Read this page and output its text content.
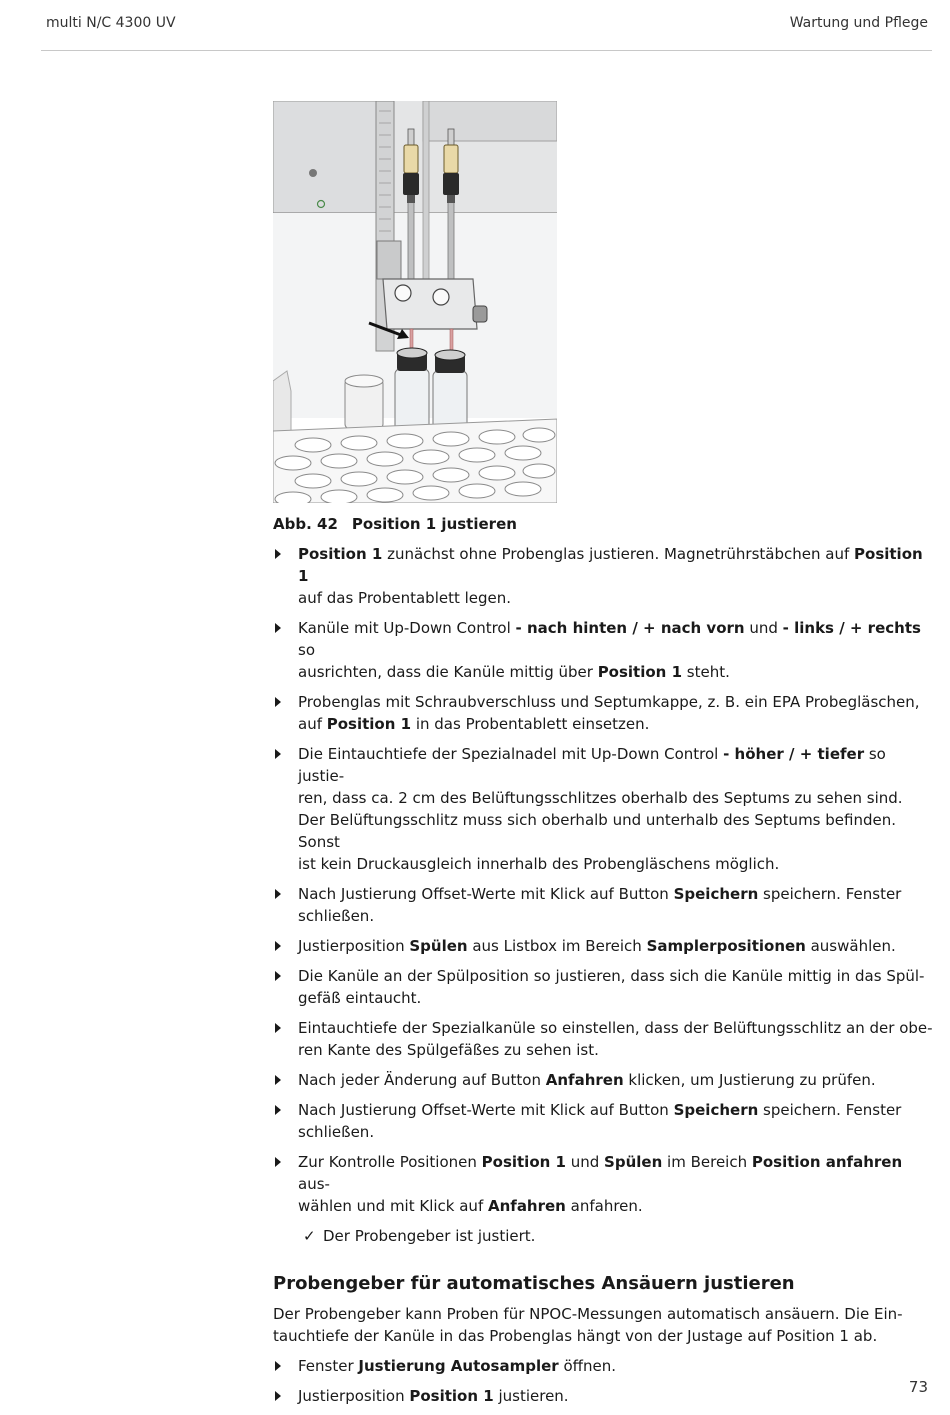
multi N/C 4300 UV	Wartung und Pflege
Abb. 42 Position 1 justieren
Position 1 zunächst ohne Probenglas justieren. Magnetrührstäbchen auf Position 1
auf das Probentablett legen.
Kanüle mit Up-Down Control - nach hinten / + nach vorn und - links / + rechts so
ausrichten, dass die Kanüle mittig über Position 1 steht.
Probenglas mit Schraubverschluss und Septumkappe, z. B. ein EPA Probegläschen,
auf Position 1 in das Probentablett einsetzen.
Die Eintauchtiefe der Spezialnadel mit Up-Down Control - höher / + tiefer so justie-
ren, dass ca. 2 cm des Belüftungsschlitzes oberhalb des Septums zu sehen sind.
Der Belüftungsschlitz muss sich oberhalb und unterhalb des Septums befinden. Sonst
ist kein Druckausgleich innerhalb des Probengläschens möglich.
Nach Justierung Offset-Werte mit Klick auf Button Speichern speichern. Fenster
schließen.
Justierposition Spülen aus Listbox im Bereich Samplerpositionen auswählen.
Die Kanüle an der Spülposition so justieren, dass sich die Kanüle mittig in das Spül-
gefäß eintaucht.
Eintauchtiefe der Spezialkanüle so einstellen, dass der Belüftungsschlitz an der obe-
ren Kante des Spülgefäßes zu sehen ist.
Nach jeder Änderung auf Button Anfahren klicken, um Justierung zu prüfen.
Nach Justierung Offset-Werte mit Klick auf Button Speichern speichern. Fenster
schließen.
Zur Kontrolle Positionen Position 1 und Spülen im Bereich Position anfahren aus-
wählen und mit Klick auf Anfahren anfahren.
✓ Der Probengeber ist justiert.
Probengeber für automatisches Ansäuern justieren
Der Probengeber kann Proben für NPOC-Messungen automatisch ansäuern. Die Ein-
tauchtiefe der Kanüle in das Probenglas hängt von der Justage auf Position 1 ab.
Fenster Justierung Autosampler öffnen.
Justierposition Position 1 justieren.	73
